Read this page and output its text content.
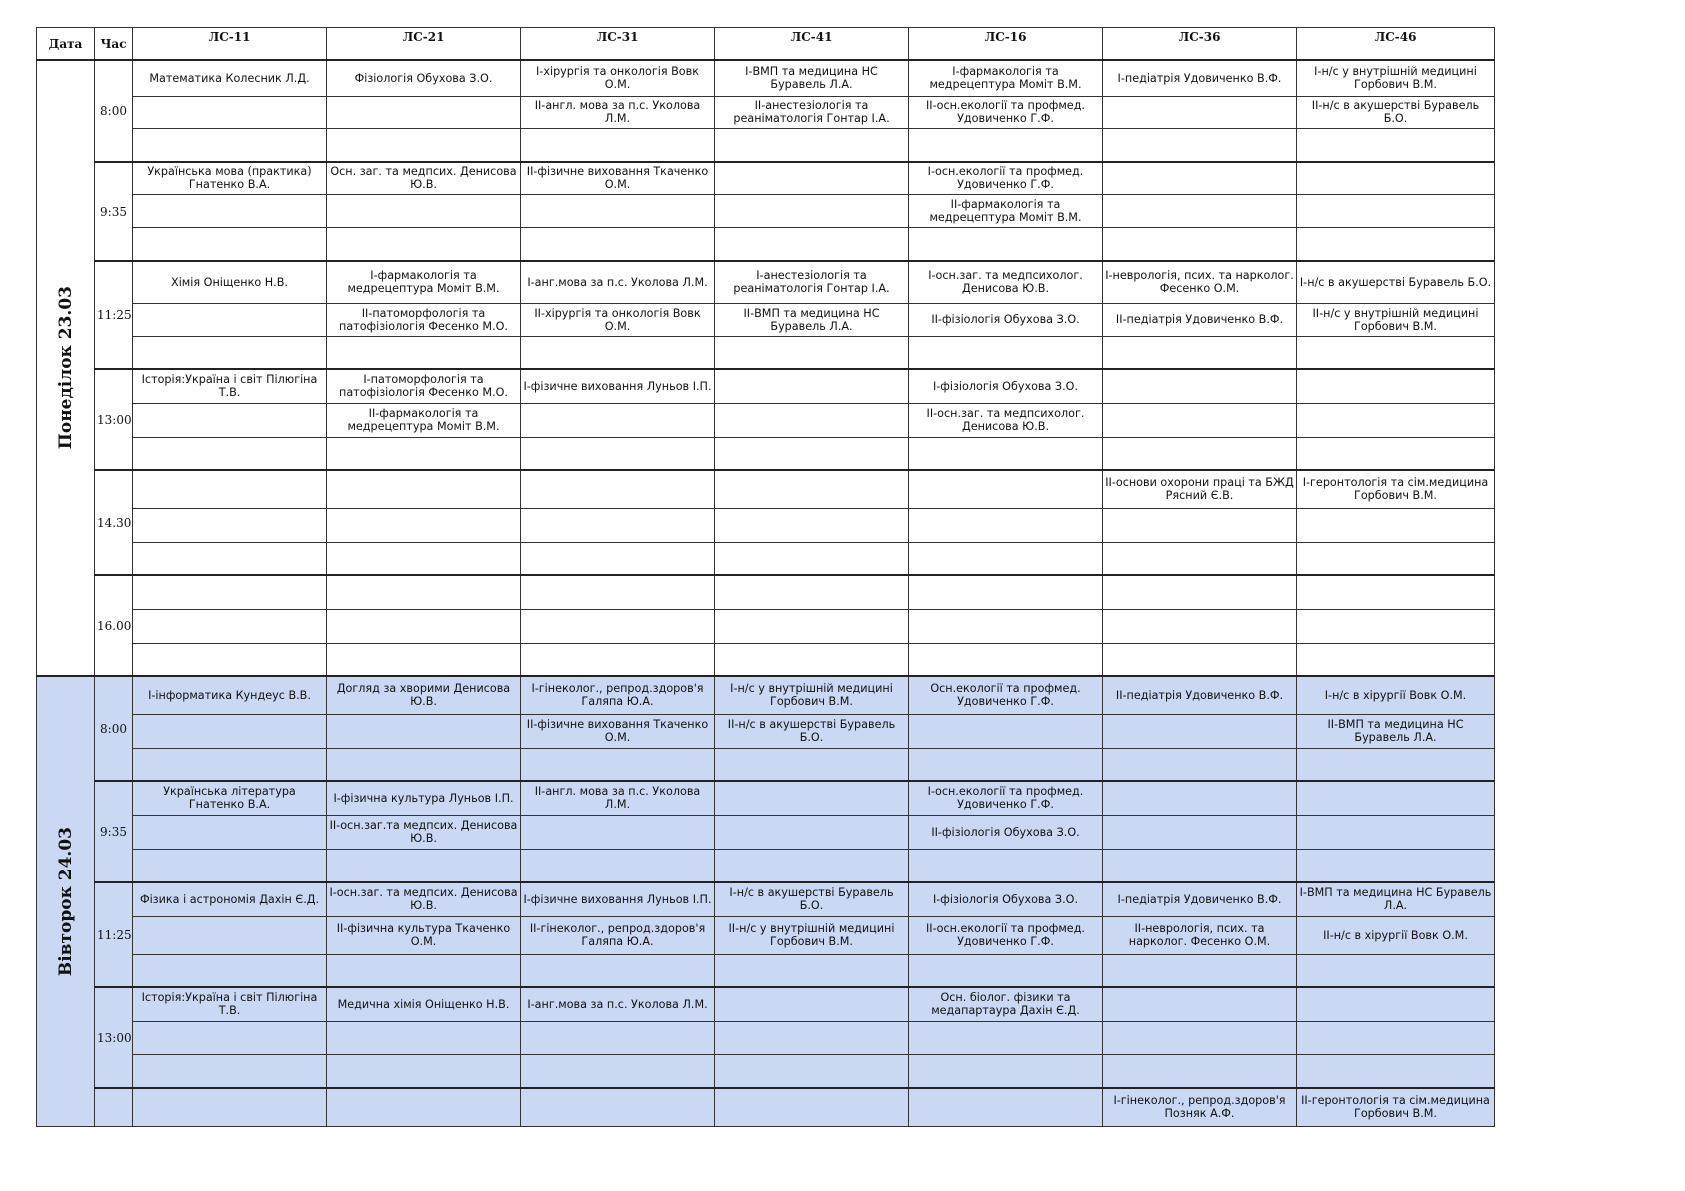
Дата	Час	ЛС-11	ЛС-21	ЛС-31	ЛС-41	ЛС-16	ЛС-36	ЛС-46

Понеділок 23.03	8:00	Математика Колесник Л.Д.	Фізіологія Обухова З.О.	І-хірургія та онкологія Вовк О.М.	І-ВМП та медицина НС Буравель Л.А.	І-фармакологія та медрецептура Моміт В.М.	І-педіатрія Удовиченко В.Ф.	І-н/с у внутрішній медицині Горбович В.М.
				ІІ-англ. мова за п.с. Уколова Л.М.	ІІ-анестезіологія та реаніматологія Гонтар І.А.	ІІ-осн.екології та профмед. Удовиченко Г.Ф.		ІІ-н/с в акушерстві Буравель Б.О.

	9:35	Українська мова (практика) Гнатенко В.А.	Осн. заг. та медпсих. Денисова Ю.В.	ІІ-фізичне виховання Ткаченко О.М.		І-осн.екології та профмед. Удовиченко Г.Ф.		
						ІІ-фармакологія та медрецептура Моміт В.М.		

	11:25	Хімія Оніщенко Н.В.	І-фармакологія та медрецептура Моміт В.М.	І-анг.мова за п.с. Уколова Л.М.	І-анестезіологія та реаніматологія Гонтар І.А.	І-осн.заг. та медпсихолог. Денисова Ю.В.	І-неврологія, псих. та наркoлог. Фесенко О.М.	І-н/с в акушерстві Буравель Б.О.
			ІІ-патоморфологія та патофізіологія Фесенко М.О.	ІІ-хірургія та онкологія Вовк О.М.	ІІ-ВМП та медицина НС Буравель Л.А.	ІІ-фізіологія Обухова З.О.	ІІ-педіатрія Удовиченко В.Ф.	ІІ-н/с у внутрішній медицині Горбович В.М.

	13:00	Історія:Україна і світ Пілюгіна Т.В.	І-патоморфологія та патофізіологія Фесенко М.О.	І-фізичне виховання Луньов І.П.		І-фізіологія Обухова З.О.		
			ІІ-фармакологія та медрецептура Моміт В.М.			ІІ-осн.заг. та медпсихолог. Денисова Ю.В.		

	14.30						ІІ-основи охорони праці та БЖД Рясний Є.В.	І-геронтологія та сім.медицина Горбович В.М.

	16.00							

Вівторок 24.03	8:00	І-інформатика Кундеус В.В.	Догляд за хворими Денисова Ю.В.	І-гінеколог., репрод.здоров'я Галяпа Ю.А.	І-н/с у внутрішній медицині Горбович В.М.	Осн.екології та профмед. Удовиченко Г.Ф.	ІІ-педіатрія Удовиченко В.Ф.	І-н/с в хірургії Вовк О.М.
				ІІ-фізичне виховання Ткаченко О.М.	ІІ-н/с в акушерстві Буравель Б.О.			ІІ-ВМП та медицина НС Буравель Л.А.

	9:35	Українська література Гнатенко В.А.	І-фізична культура Луньов І.П.	ІІ-англ. мова за п.с. Уколова Л.М.		І-осн.екології та профмед. Удовиченко Г.Ф.		
			ІІ-осн.заг.та медпсих. Денисова Ю.В.			ІІ-фізіологія Обухова З.О.		

	11:25	Фізика і астрономія Дахін Є.Д.	І-осн.заг. та медпсих. Денисова Ю.В.	І-фізичне виховання Луньов І.П.	І-н/с в акушерстві Буравель Б.О.	І-фізіологія Обухова З.О.	І-педіатрія Удовиченко В.Ф.	І-ВМП та медицина НС Буравель Л.А.
			ІІ-фізична культура Ткаченко О.М.	ІІ-гінеколог., репрод.здоров'я Галяпа Ю.А.	ІІ-н/с у внутрішній медицині Горбович В.М.	ІІ-осн.екології та профмед. Удовиченко Г.Ф.	ІІ-неврологія, псих. та наркoлог. Фесенко О.М.	ІІ-н/с в хірургії Вовк О.М.

	13:00	Історія:Україна і світ Пілюгіна Т.В.	Медична хімія Оніщенко Н.В.	І-анг.мова за п.с. Уколова Л.М.		Осн. біолог. фізики та медапартаура Дахін Є.Д.		

							І-гінеколог., репрод.здоров'я Позняк А.Ф.	ІІ-геронтологія та сім.медицина Горбович В.М.
